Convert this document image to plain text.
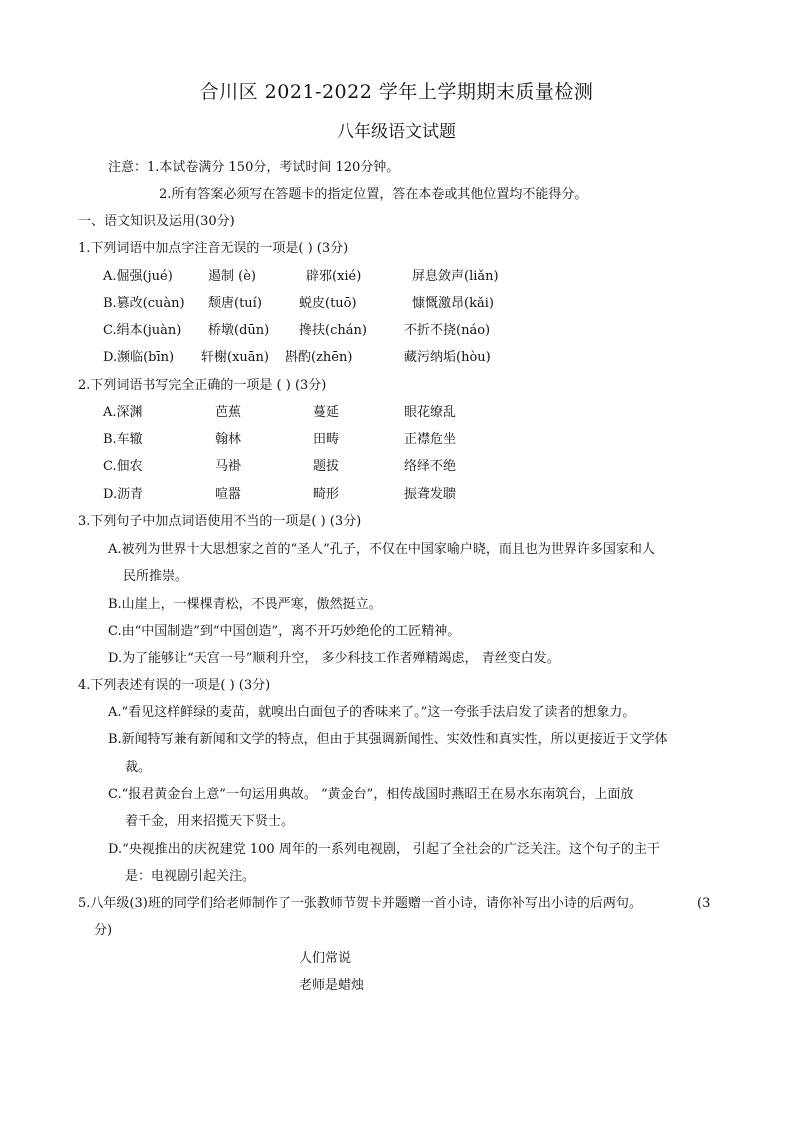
合川区 2021-2022 学年上学期期末质量检测
八年级语文试题
注意：1.本试卷满分 150分，考试时间 120分钟。
2.所有答案必须写在答题卡的指定位置，答在本卷或其他位置均不能得分。
一、语文知识及运用(30分)
1.下列词语中加点字注音无误的一项是( ) (3分)
A.倔强(jué)	遏制 (è)	辟邪(xié)	屏息敛声(liǎn)
B.篡改(cuàn) 颓唐(tuí)	蜕皮(tuō)	慷慨激昂(kǎi)
C.绢本(juàn) 桥墩(dūn) 搀扶(chán)	不折不挠(náo)
D.濒临(bīn) 轩榭(xuān) 斟酌(zhēn)	藏污纳垢(hòu)
2.下列词语书写完全正确的一项是 ( ) (3分)
A.深渊	芭蕉	蔓延	眼花缭乱
B.车辙	翰林	田畴	正襟危坐
C.佃农	马褂	题拔	络绎不绝
D.沥青	喧嚣	畸形	振聋发聩
3.下列句子中加点词语使用不当的一项是( ) (3分)
A.被列为世界十大思想家之首的“圣人”孔子，不仅在中国家喻户晓，而且也为世界许多国家和人
民所推崇。
B.山崖上，一棵棵青松，不畏严寒，傲然挺立。
C.由“中国制造”到“中国创造”，离不开巧妙绝伦的工匠精神。
D.为了能够让“天宫一号”顺利升空， 多少科技工作者殚精竭虑， 青丝变白发。
4.下列表述有误的一项是( ) (3分)
A.“看见这样鲜绿的麦苗，就嗅出白面包子的香味来了。”这一夸张手法启发了读者的想象力。
B.新闻特写兼有新闻和文学的特点，但由于其强调新闻性、实效性和真实性，所以更接近于文学体
裁。
C.“报君黄金台上意”一句运用典故。 “黄金台”，相传战国时燕昭王在易水东南筑台，上面放
着千金，用来招揽天下贤士。
D.“央视推出的庆祝建党 100 周年的一系列电视剧， 引起了全社会的广泛关注。这个句子的主干
是：电视剧引起关注。
5.八年级(3)班的同学们给老师制作了一张教师节贺卡并题赠一首小诗，请你补写出小诗的后两句。	(3
分)
人们常说
老师是蜡烛
